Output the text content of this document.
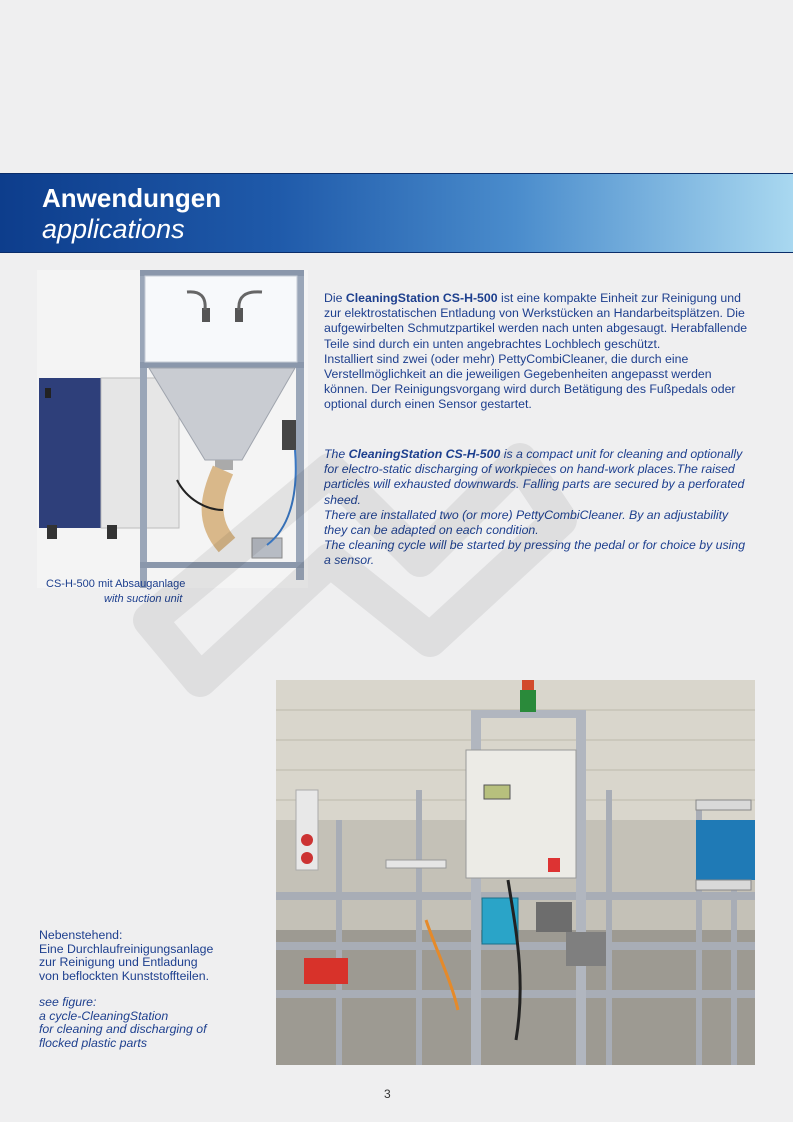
Anwendungen
applications
CS-H-500 mit Absauganlage
with suction unit
Die CleaningStation CS-H-500 ist eine kompakte Einheit zur Reinigung und zur elektrostatischen Entladung von Werkstücken an Handarbeitsplätzen. Die aufgewirbelten Schmutzpartikel werden nach unten abgesaugt. Herabfallende Teile sind durch ein unten angebrachtes Lochblech geschützt.
Installiert sind zwei (oder mehr) PettyCombiCleaner, die durch eine Verstellmöglichkeit an die jeweiligen Gegebenheiten angepasst werden können. Der Reinigungsvorgang wird durch Betätigung des Fußpedals oder optional durch einen Sensor gestartet.
The CleaningStation CS-H-500 is a compact unit for cleaning and optionally for electro-static discharging of workpieces on hand-work places.The raised particles will exhausted downwards. Falling parts are secured by a perforated sheed.
There are installated two (or more) PettyCombiCleaner. By an adjustability they can be adapted on each condition.
The cleaning cycle will be started by pressing the pedal or for choice by using a sensor.
Nebenstehend:
Eine Durchlaufreinigungsanlage
zur Reinigung und Entladung
von beflockten Kunststoffteilen.
see figure:
a cycle-CleaningStation
for cleaning and discharging of
flocked plastic parts
3
